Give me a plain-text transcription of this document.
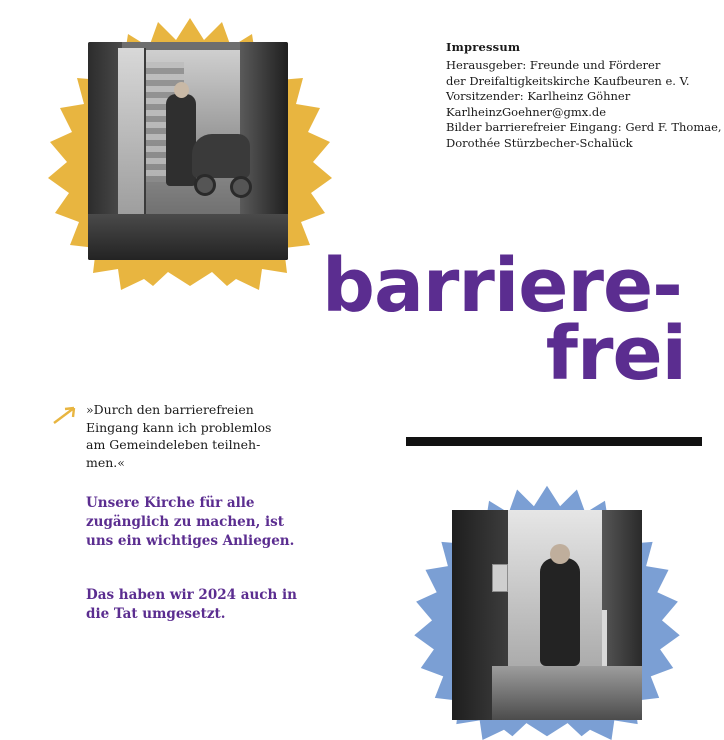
Impressum
Herausgeber: Freunde und Förderer
der Dreifaltigkeitskirche Kaufbeuren e. V.
Vorsitzender: Karlheinz Göhner
KarlheinzGoehner@gmx.de
Bilder barrierefreier Eingang: Gerd F. Thomae,
Dorothée Stürzbecher-Schalück
barriere-
frei
»Durch den barrierefreien Eingang kann ich problemlos am Gemeindeleben teilnehmen.«
Unsere Kirche für alle zugänglich zu machen, ist uns ein wichtiges Anliegen.
Das haben wir 2024 auch in die Tat umgesetzt.
